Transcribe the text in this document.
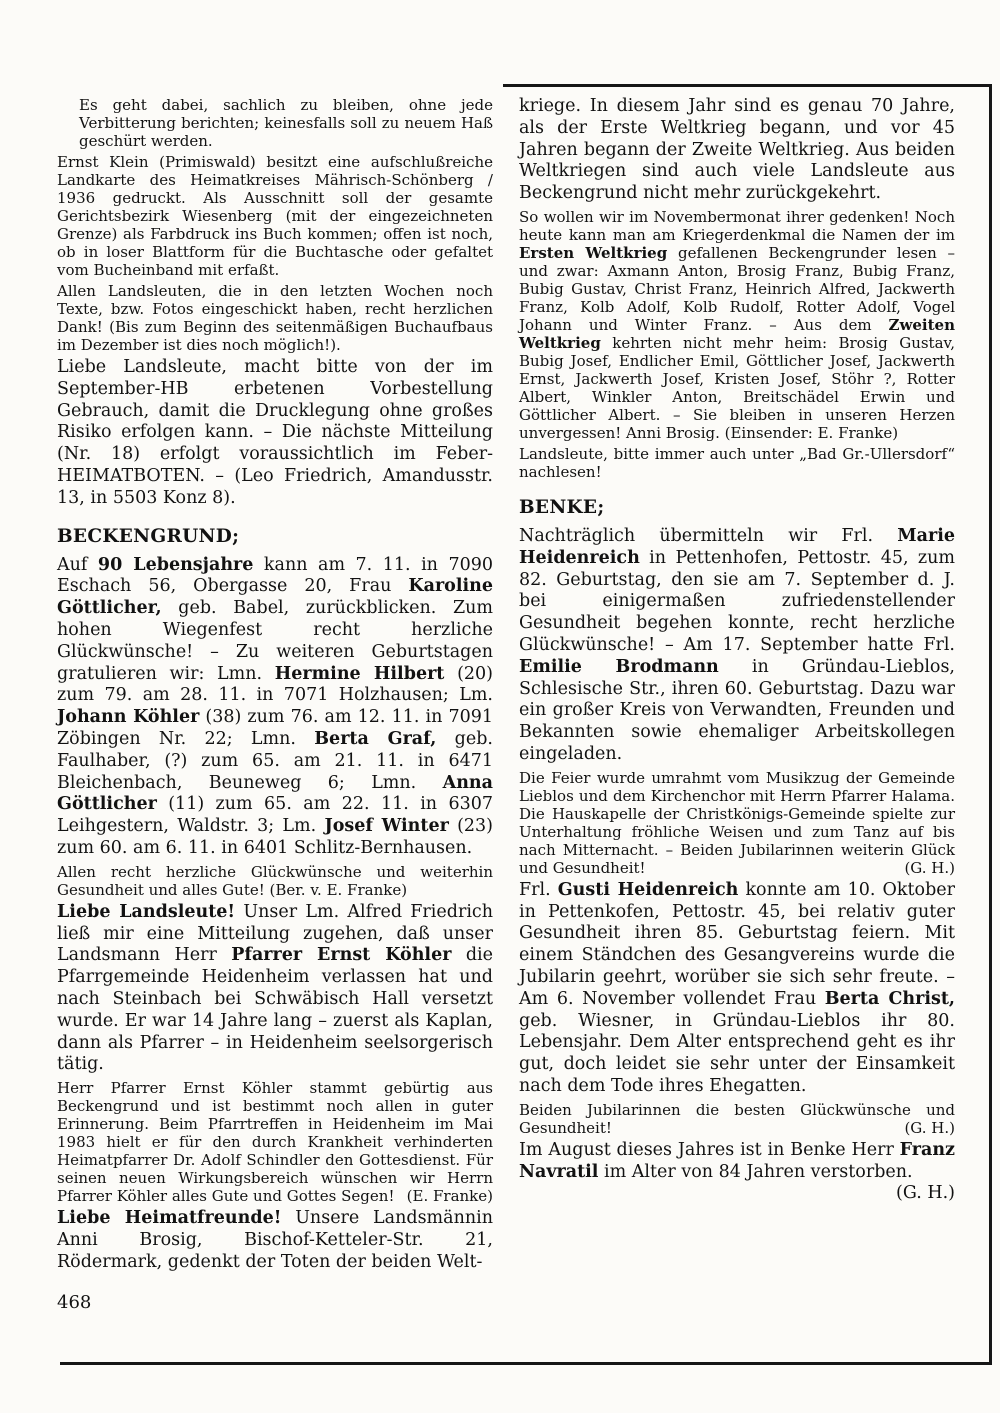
Es geht dabei, sachlich zu bleiben, ohne jede Verbitterung berichten; keinesfalls soll zu neuem Haß geschürt werden.

Ernst Klein (Primiswald) besitzt eine aufschlußreiche Landkarte des Heimatkreises Mährisch-Schönberg / 1936 gedruckt. Als Ausschnitt soll der gesamte Gerichtsbezirk Wiesenberg (mit der eingezeichneten Grenze) als Farbdruck ins Buch kommen; offen ist noch, ob in loser Blattform für die Buchtasche oder gefaltet vom Bucheinband mit erfaßt.

Allen Landsleuten, die in den letzten Wochen noch Texte, bzw. Fotos eingeschickt haben, recht herzlichen Dank! (Bis zum Beginn des seitenmäßigen Buchaufbaus im Dezember ist dies noch möglich!).

Liebe Landsleute, macht bitte von der im September-HB erbetenen Vorbestellung Gebrauch, damit die Drucklegung ohne großes Risiko erfolgen kann. – Die nächste Mitteilung (Nr. 18) erfolgt voraussichtlich im Feber-HEIMATBOTEN. – (Leo Friedrich, Amandusstr. 13, in 5503 Konz 8).

BECKENGRUND;

Auf 90 Lebensjahre kann am 7. 11. in 7090 Eschach 56, Obergasse 20, Frau Karoline Göttlicher, geb. Babel, zurückblicken. Zum hohen Wiegenfest recht herzliche Glückwünsche! – Zu weiteren Geburtstagen gratulieren wir: Lmn. Hermine Hilbert (20) zum 79. am 28. 11. in 7071 Holzhausen; Lm. Johann Köhler (38) zum 76. am 12. 11. in 7091 Zöbingen Nr. 22; Lmn. Berta Graf, geb. Faulhaber, (?) zum 65. am 21. 11. in 6471 Bleichenbach, Beuneweg 6; Lmn. Anna Göttlicher (11) zum 65. am 22. 11. in 6307 Leihgestern, Waldstr. 3; Lm. Josef Winter (23) zum 60. am 6. 11. in 6401 Schlitz-Bernhausen.

Allen recht herzliche Glückwünsche und weiterhin Gesundheit und alles Gute! (Ber. v. E. Franke)

Liebe Landsleute! Unser Lm. Alfred Friedrich ließ mir eine Mitteilung zugehen, daß unser Landsmann Herr Pfarrer Ernst Köhler die Pfarrgemeinde Heidenheim verlassen hat und nach Steinbach bei Schwäbisch Hall versetzt wurde. Er war 14 Jahre lang – zuerst als Kaplan, dann als Pfarrer – in Heidenheim seelsorgerisch tätig.

Herr Pfarrer Ernst Köhler stammt gebürtig aus Beckengrund und ist bestimmt noch allen in guter Erinnerung. Beim Pfarrtreffen in Heidenheim im Mai 1983 hielt er für den durch Krankheit verhinderten Heimatpfarrer Dr. Adolf Schindler den Gottesdienst. Für seinen neuen Wirkungsbereich wünschen wir Herrn Pfarrer Köhler alles Gute und Gottes Segen! (E. Franke)

Liebe Heimatfreunde! Unsere Landsmännin Anni Brosig, Bischof-Ketteler-Str. 21, Rödermark, gedenkt der Toten der beiden Welt-

kriege. In diesem Jahr sind es genau 70 Jahre, als der Erste Weltkrieg begann, und vor 45 Jahren begann der Zweite Weltkrieg. Aus beiden Weltkriegen sind auch viele Landsleute aus Beckengrund nicht mehr zurückgekehrt.

So wollen wir im Novembermonat ihrer gedenken! Noch heute kann man am Kriegerdenkmal die Namen der im Ersten Weltkrieg gefallenen Beckengrunder lesen – und zwar: Axmann Anton, Brosig Franz, Bubig Franz, Bubig Gustav, Christ Franz, Heinrich Alfred, Jackwerth Franz, Kolb Adolf, Kolb Rudolf, Rotter Adolf, Vogel Johann und Winter Franz. – Aus dem Zweiten Weltkrieg kehrten nicht mehr heim: Brosig Gustav, Bubig Josef, Endlicher Emil, Göttlicher Josef, Jackwerth Ernst, Jackwerth Josef, Kristen Josef, Stöhr ?, Rotter Albert, Winkler Anton, Breitschädel Erwin und Göttlicher Albert. – Sie bleiben in unseren Herzen unvergessen! Anni Brosig. (Einsender: E. Franke)

Landsleute, bitte immer auch unter „Bad Gr.-Ullersdorf“ nachlesen!

BENKE;

Nachträglich übermitteln wir Frl. Marie Heidenreich in Pettenhofen, Pettostr. 45, zum 82. Geburtstag, den sie am 7. September d. J. bei einigermaßen zufriedenstellender Gesundheit begehen konnte, recht herzliche Glückwünsche! – Am 17. September hatte Frl. Emilie Brodmann in Gründau-Lieblos, Schlesische Str., ihren 60. Geburtstag. Dazu war ein großer Kreis von Verwandten, Freunden und Bekannten sowie ehemaliger Arbeitskollegen eingeladen.

Die Feier wurde umrahmt vom Musikzug der Gemeinde Lieblos und dem Kirchenchor mit Herrn Pfarrer Halama. Die Hauskapelle der Christkönigs-Gemeinde spielte zur Unterhaltung fröhliche Weisen und zum Tanz auf bis nach Mitternacht. – Beiden Jubilarinnen weiterin Glück und Gesundheit!	(G. H.)

Frl. Gusti Heidenreich konnte am 10. Oktober in Pettenkofen, Pettostr. 45, bei relativ guter Gesundheit ihren 85. Geburtstag feiern. Mit einem Ständchen des Gesangvereins wurde die Jubilarin geehrt, worüber sie sich sehr freute. – Am 6. November vollendet Frau Berta Christ, geb. Wiesner, in Gründau-Lieblos ihr 80. Lebensjahr. Dem Alter entsprechend geht es ihr gut, doch leidet sie sehr unter der Einsamkeit nach dem Tode ihres Ehegatten.

Beiden Jubilarinnen die besten Glückwünsche und Gesundheit!	(G. H.)

Im August dieses Jahres ist in Benke Herr Franz Navratil im Alter von 84 Jahren verstorben.
(G. H.)

468
